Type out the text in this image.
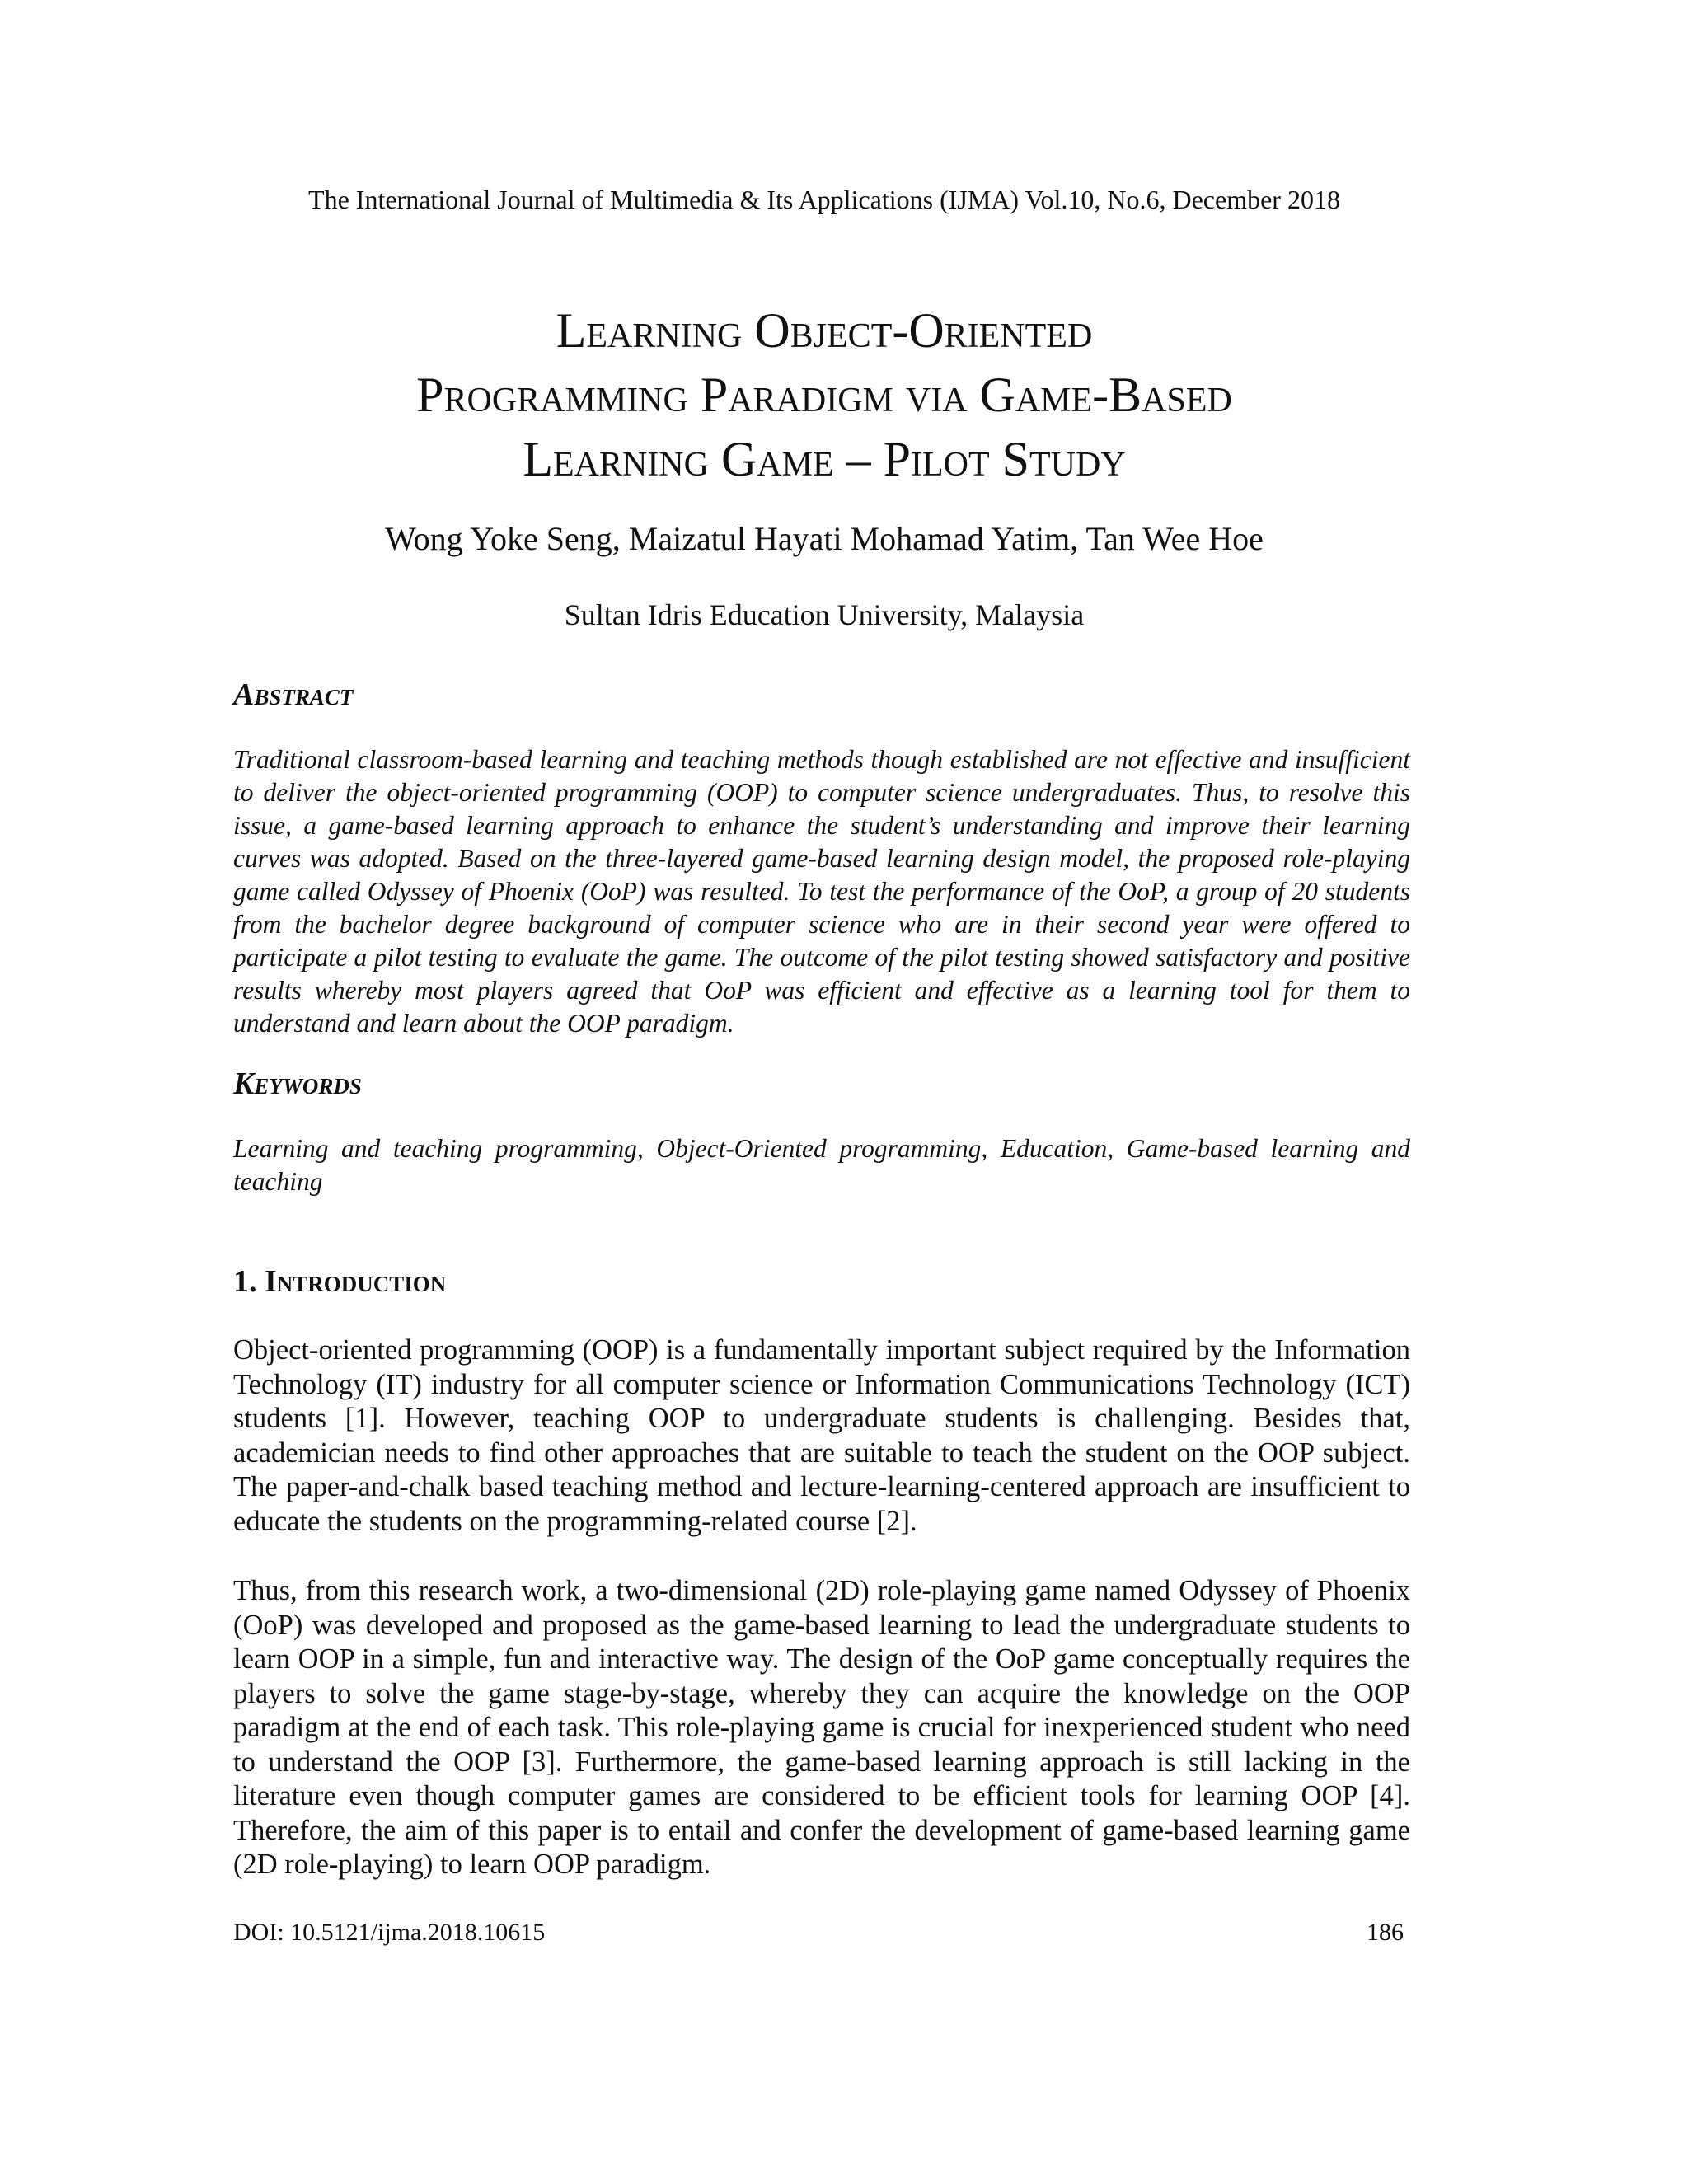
The International Journal of Multimedia & Its Applications (IJMA) Vol.10, No.6, December 2018
Learning Object-Oriented
Programming Paradigm via Game-Based
Learning Game – Pilot Study
Wong Yoke Seng, Maizatul Hayati Mohamad Yatim, Tan Wee Hoe
Sultan Idris Education University, Malaysia
Abstract

Traditional classroom-based learning and teaching methods though established are not effective and insufficient to deliver the object-oriented programming (OOP) to computer science undergraduates. Thus, to resolve this issue, a game-based learning approach to enhance the student’s understanding and improve their learning curves was adopted. Based on the three-layered game-based learning design model, the proposed role-playing game called Odyssey of Phoenix (OoP) was resulted. To test the performance of the OoP, a group of 20 students from the bachelor degree background of computer science who are in their second year were offered to participate a pilot testing to evaluate the game. The outcome of the pilot testing showed satisfactory and positive results whereby most players agreed that OoP was efficient and effective as a learning tool for them to understand and learn about the OOP paradigm.

Keywords

Learning and teaching programming, Object-Oriented programming, Education, Game-based learning and teaching

1. Introduction

Object-oriented programming (OOP) is a fundamentally important subject required by the Information Technology (IT) industry for all computer science or Information Communications Technology (ICT) students [1]. However, teaching OOP to undergraduate students is challenging. Besides that, academician needs to find other approaches that are suitable to teach the student on the OOP subject. The paper-and-chalk based teaching method and lecture-learning-centered approach are insufficient to educate the students on the programming-related course [2].

Thus, from this research work, a two-dimensional (2D) role-playing game named Odyssey of Phoenix (OoP) was developed and proposed as the game-based learning to lead the undergraduate students to learn OOP in a simple, fun and interactive way. The design of the OoP game conceptually requires the players to solve the game stage-by-stage, whereby they can acquire the knowledge on the OOP paradigm at the end of each task. This role-playing game is crucial for inexperienced student who need to understand the OOP [3]. Furthermore, the game-based learning approach is still lacking in the literature even though computer games are considered to be efficient tools for learning OOP [4]. Therefore, the aim of this paper is to entail and confer the development of game-based learning game (2D role-playing) to learn OOP paradigm.

DOI: 10.5121/ijma.2018.10615	186
